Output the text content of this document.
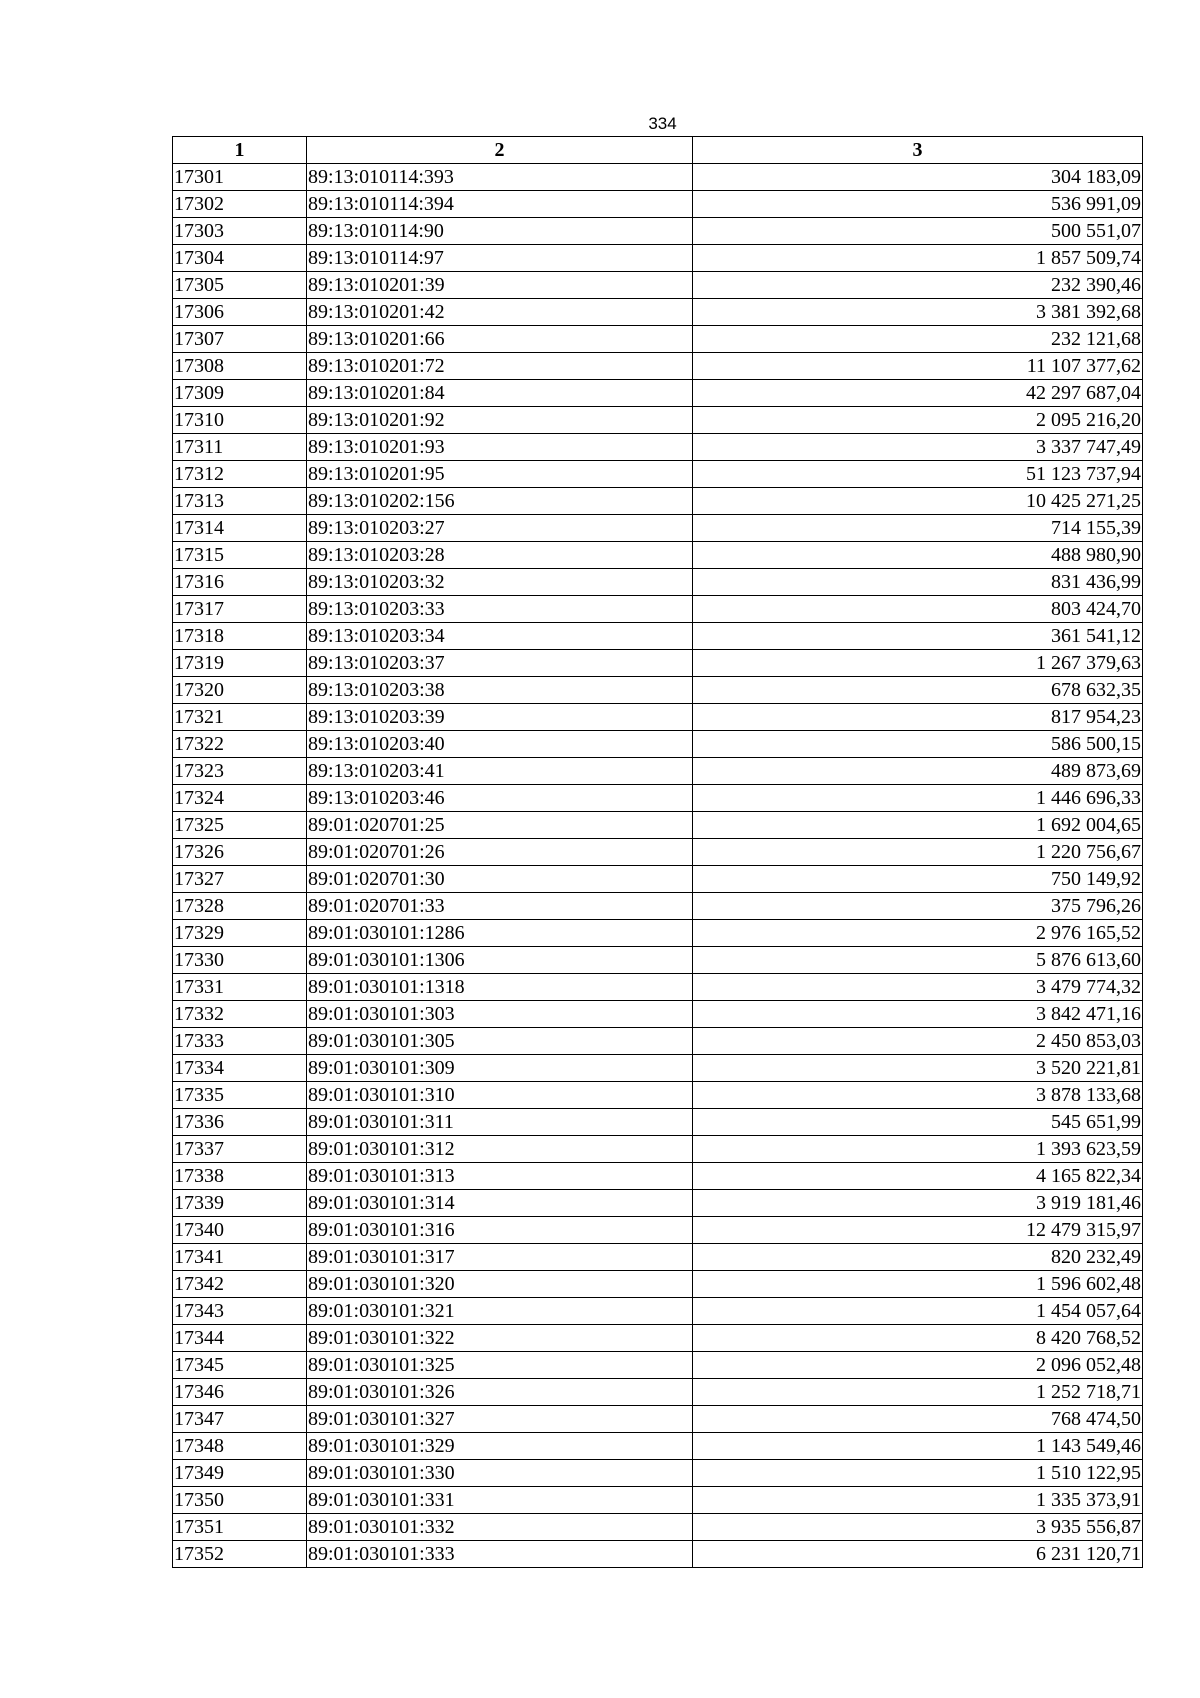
334
1	2	3
17301	89:13:010114:393	304 183,09
17302	89:13:010114:394	536 991,09
17303	89:13:010114:90	500 551,07
17304	89:13:010114:97	1 857 509,74
17305	89:13:010201:39	232 390,46
17306	89:13:010201:42	3 381 392,68
17307	89:13:010201:66	232 121,68
17308	89:13:010201:72	11 107 377,62
17309	89:13:010201:84	42 297 687,04
17310	89:13:010201:92	2 095 216,20
17311	89:13:010201:93	3 337 747,49
17312	89:13:010201:95	51 123 737,94
17313	89:13:010202:156	10 425 271,25
17314	89:13:010203:27	714 155,39
17315	89:13:010203:28	488 980,90
17316	89:13:010203:32	831 436,99
17317	89:13:010203:33	803 424,70
17318	89:13:010203:34	361 541,12
17319	89:13:010203:37	1 267 379,63
17320	89:13:010203:38	678 632,35
17321	89:13:010203:39	817 954,23
17322	89:13:010203:40	586 500,15
17323	89:13:010203:41	489 873,69
17324	89:13:010203:46	1 446 696,33
17325	89:01:020701:25	1 692 004,65
17326	89:01:020701:26	1 220 756,67
17327	89:01:020701:30	750 149,92
17328	89:01:020701:33	375 796,26
17329	89:01:030101:1286	2 976 165,52
17330	89:01:030101:1306	5 876 613,60
17331	89:01:030101:1318	3 479 774,32
17332	89:01:030101:303	3 842 471,16
17333	89:01:030101:305	2 450 853,03
17334	89:01:030101:309	3 520 221,81
17335	89:01:030101:310	3 878 133,68
17336	89:01:030101:311	545 651,99
17337	89:01:030101:312	1 393 623,59
17338	89:01:030101:313	4 165 822,34
17339	89:01:030101:314	3 919 181,46
17340	89:01:030101:316	12 479 315,97
17341	89:01:030101:317	820 232,49
17342	89:01:030101:320	1 596 602,48
17343	89:01:030101:321	1 454 057,64
17344	89:01:030101:322	8 420 768,52
17345	89:01:030101:325	2 096 052,48
17346	89:01:030101:326	1 252 718,71
17347	89:01:030101:327	768 474,50
17348	89:01:030101:329	1 143 549,46
17349	89:01:030101:330	1 510 122,95
17350	89:01:030101:331	1 335 373,91
17351	89:01:030101:332	3 935 556,87
17352	89:01:030101:333	6 231 120,71
